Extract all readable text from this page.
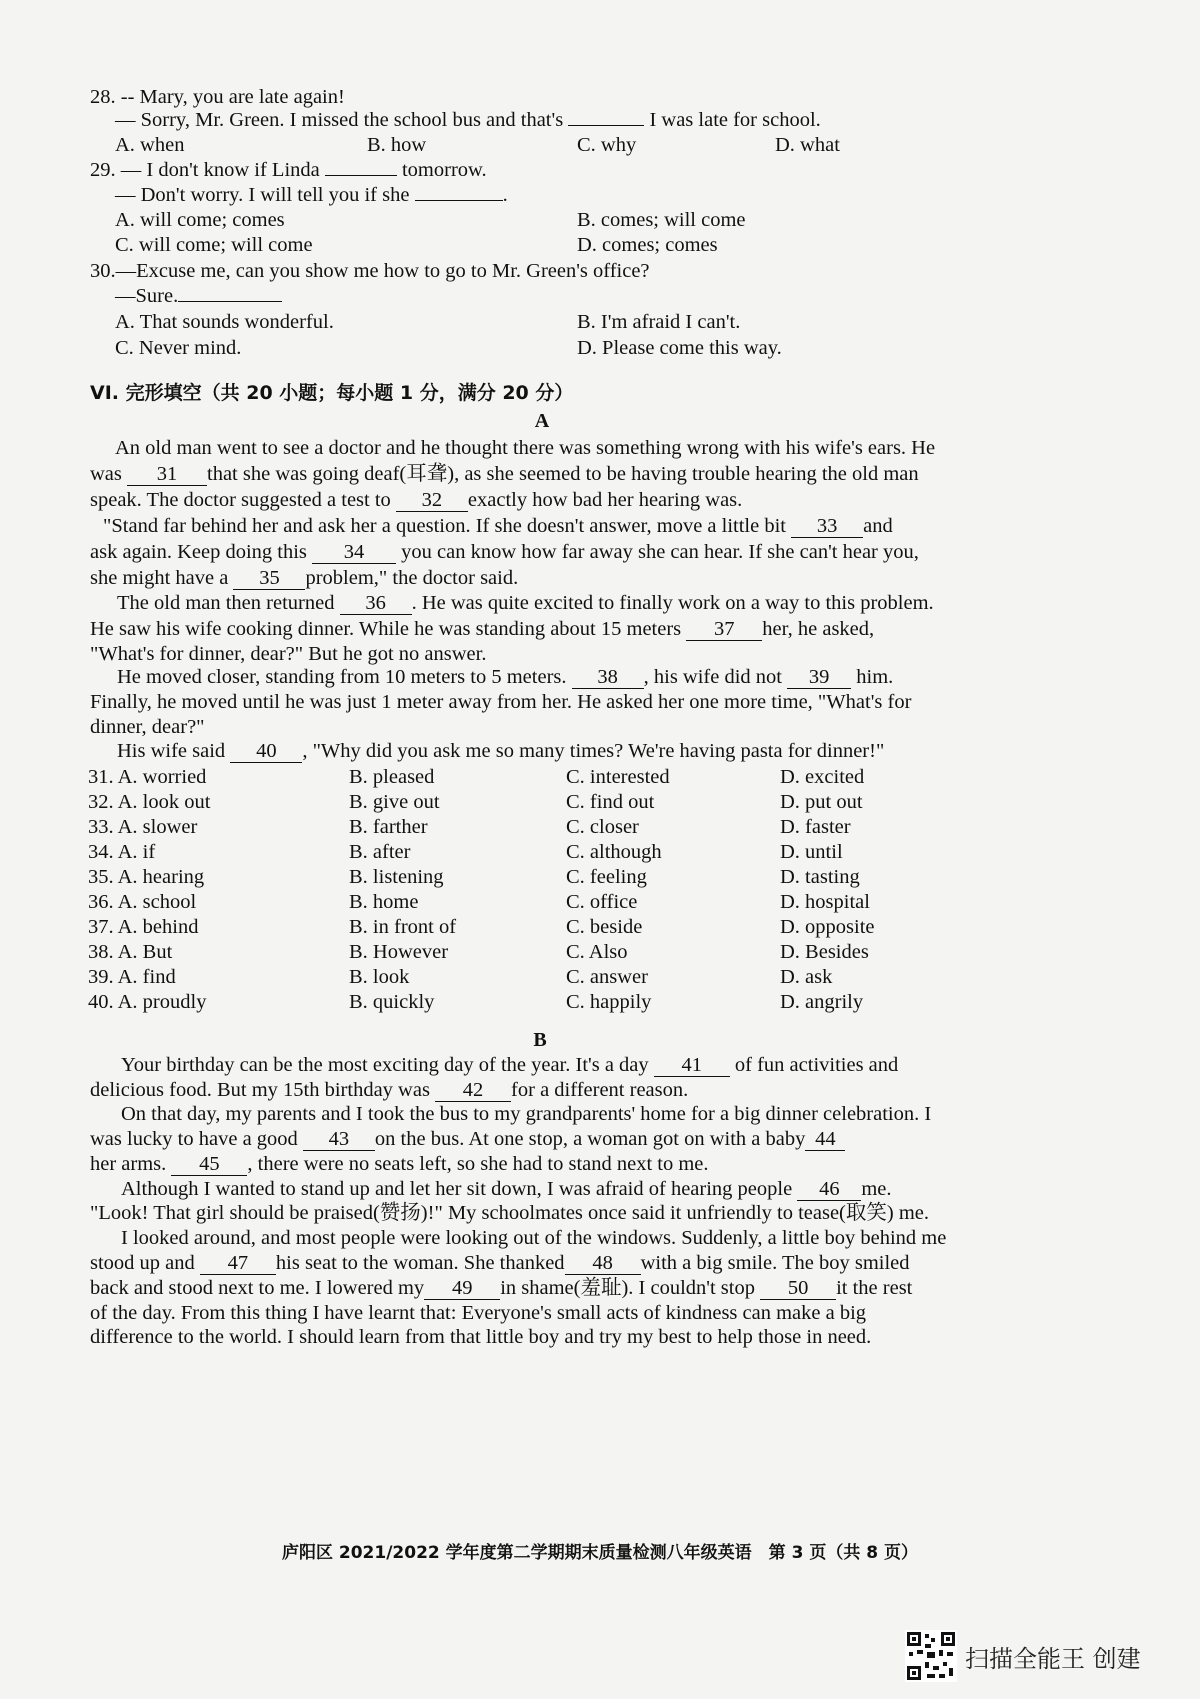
28. -- Mary, you are late again!
— Sorry, Mr. Green. I missed the school bus and that's	I was late for school.
A. when	B. how	C. why	D. what
29. — I don't know if Linda	tomorrow.
— Don't worry. I will tell you if she	.
A. will come; comes	B. comes; will come
C. will come; will come	D. comes; comes
30.—Excuse me, can you show me how to go to Mr. Green's office?
—Sure.
A. That sounds wonderful.	B. I'm afraid I can't.
C. Never mind.	D. Please come this way.
VI. 完形填空（共 20 小题；每小题 1 分，满分 20 分）
A
An old man went to see a doctor and he thought there was something wrong with his wife's ears. He
was 31 that she was going deaf(耳聋), as she seemed to be having trouble hearing the old man
speak. The doctor suggested a test to 32 exactly how bad her hearing was.
"Stand far behind her and ask her a question. If she doesn't answer, move a little bit 33 and
ask again. Keep doing this 34 you can know how far away she can hear. If she can't hear you,
she might have a 35 problem," the doctor said.
The old man then returned 36 . He was quite excited to finally work on a way to this problem.
He saw his wife cooking dinner. While he was standing about 15 meters 37 her, he asked,
"What's for dinner, dear?" But he got no answer.
He moved closer, standing from 10 meters to 5 meters. 38 , his wife did not 39 him.
Finally, he moved until he was just 1 meter away from her. He asked her one more time, "What's for
dinner, dear?"
His wife said 40 , "Why did you ask me so many times? We're having pasta for dinner!"
31. A. worried	B. pleased	C. interested	D. excited
32. A. look out	B. give out	C. find out	D. put out
33. A. slower	B. farther	C. closer	D. faster
34. A. if	B. after	C. although	D. until
35. A. hearing	B. listening	C. feeling	D. tasting
36. A. school	B. home	C. office	D. hospital
37. A. behind	B. in front of	C. beside	D. opposite
38. A. But	B. However	C. Also	D. Besides
39. A. find	B. look	C. answer	D. ask
40. A. proudly	B. quickly	C. happily	D. angrily
B
Your birthday can be the most exciting day of the year. It's a day 41 of fun activities and
delicious food. But my 15th birthday was 42 for a different reason.
On that day, my parents and I took the bus to my grandparents' home for a big dinner celebration. I
was lucky to have a good 43 on the bus. At one stop, a woman got on with a baby 44
her arms. 45 , there were no seats left, so she had to stand next to me.
Although I wanted to stand up and let her sit down, I was afraid of hearing people 46 me.
"Look! That girl should be praised(赞扬)!" My schoolmates once said it unfriendly to tease(取笑) me.
I looked around, and most people were looking out of the windows. Suddenly, a little boy behind me
stood up and 47 his seat to the woman. She thanked 48 with a big smile. The boy smiled
back and stood next to me. I lowered my 49 in shame(羞耻). I couldn't stop 50 it the rest
of the day. From this thing I have learnt that: Everyone's small acts of kindness can make a big
difference to the world. I should learn from that little boy and try my best to help those in need.
庐阳区 2021/2022 学年度第二学期期末质量检测八年级英语　第 3 页（共 8 页）
扫描全能王 创建
